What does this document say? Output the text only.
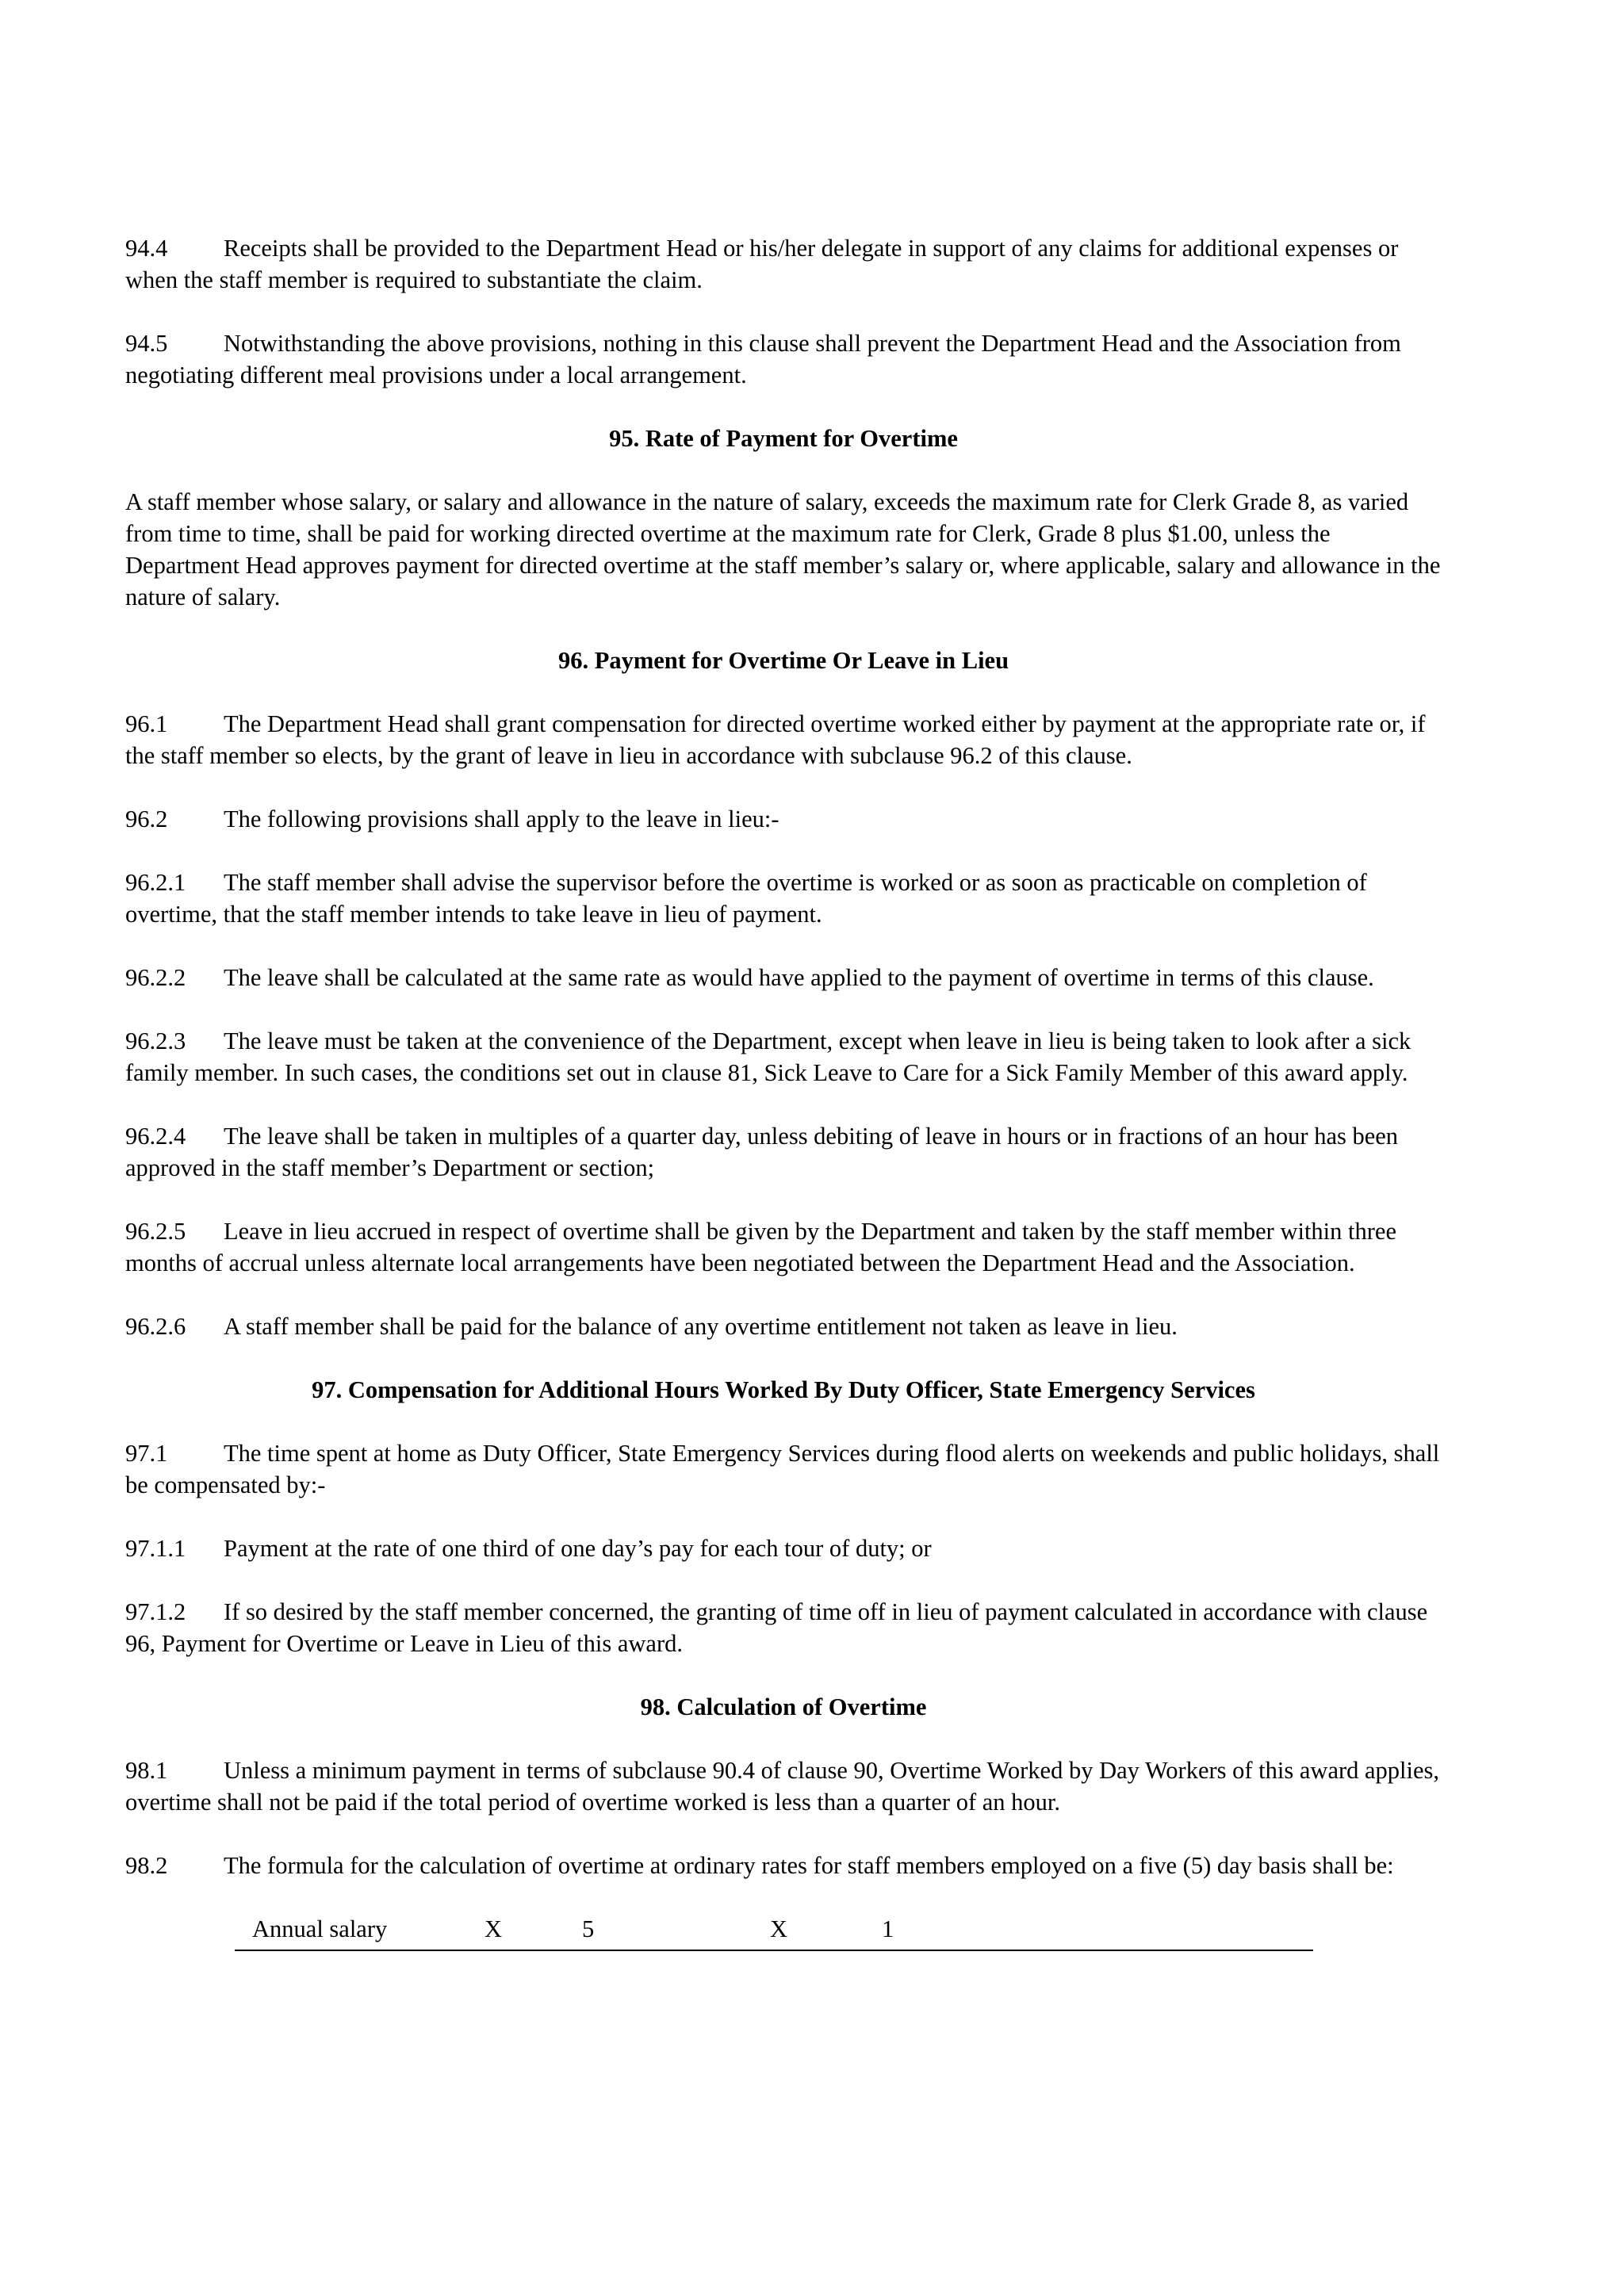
94.4 Receipts shall be provided to the Department Head or his/her delegate in support of any claims for additional expenses or when the staff member is required to substantiate the claim.

94.5 Notwithstanding the above provisions, nothing in this clause shall prevent the Department Head and the Association from negotiating different meal provisions under a local arrangement.

95. Rate of Payment for Overtime

A staff member whose salary, or salary and allowance in the nature of salary, exceeds the maximum rate for Clerk Grade 8, as varied from time to time, shall be paid for working directed overtime at the maximum rate for Clerk, Grade 8 plus $1.00, unless the Department Head approves payment for directed overtime at the staff member’s salary or, where applicable, salary and allowance in the nature of salary.

96. Payment for Overtime Or Leave in Lieu

96.1 The Department Head shall grant compensation for directed overtime worked either by payment at the appropriate rate or, if the staff member so elects, by the grant of leave in lieu in accordance with subclause 96.2 of this clause.

96.2 The following provisions shall apply to the leave in lieu:-

96.2.1 The staff member shall advise the supervisor before the overtime is worked or as soon as practicable on completion of overtime, that the staff member intends to take leave in lieu of payment.

96.2.2 The leave shall be calculated at the same rate as would have applied to the payment of overtime in terms of this clause.

96.2.3 The leave must be taken at the convenience of the Department, except when leave in lieu is being taken to look after a sick family member. In such cases, the conditions set out in clause 81, Sick Leave to Care for a Sick Family Member of this award apply.

96.2.4 The leave shall be taken in multiples of a quarter day, unless debiting of leave in hours or in fractions of an hour has been approved in the staff member’s Department or section;

96.2.5 Leave in lieu accrued in respect of overtime shall be given by the Department and taken by the staff member within three months of accrual unless alternate local arrangements have been negotiated between the Department Head and the Association.

96.2.6 A staff member shall be paid for the balance of any overtime entitlement not taken as leave in lieu.

97. Compensation for Additional Hours Worked By Duty Officer, State Emergency Services

97.1 The time spent at home as Duty Officer, State Emergency Services during flood alerts on weekends and public holidays, shall be compensated by:-

97.1.1 Payment at the rate of one third of one day’s pay for each tour of duty; or

97.1.2 If so desired by the staff member concerned, the granting of time off in lieu of payment calculated in accordance with clause 96, Payment for Overtime or Leave in Lieu of this award.

98. Calculation of Overtime

98.1 Unless a minimum payment in terms of subclause 90.4 of clause 90, Overtime Worked by Day Workers of this award applies, overtime shall not be paid if the total period of overtime worked is less than a quarter of an hour.

98.2 The formula for the calculation of overtime at ordinary rates for staff members employed on a five (5) day basis shall be:

Annual salary	X	5	X	1
